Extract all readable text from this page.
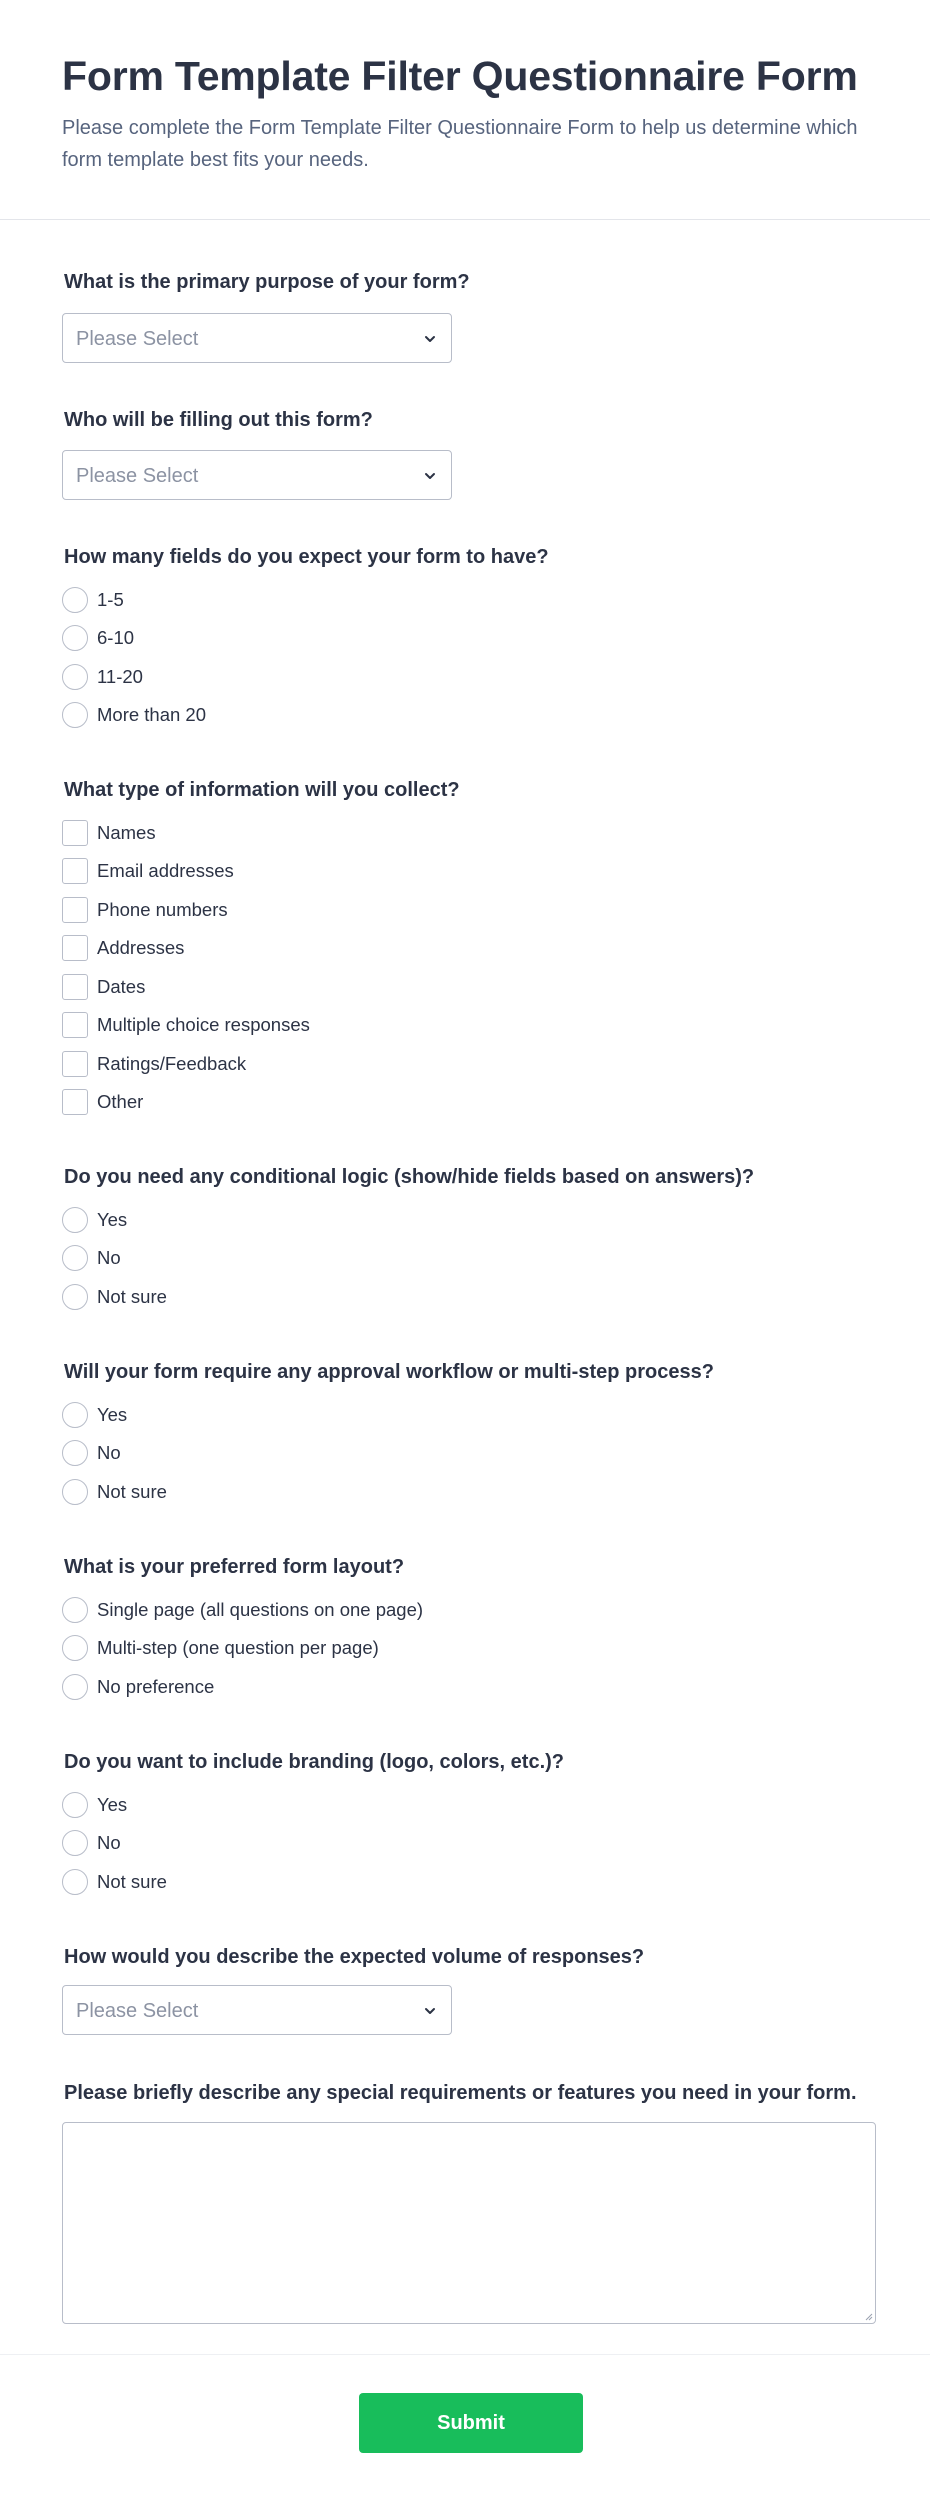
Form Template Filter Questionnaire Form

Please complete the Form Template Filter Questionnaire Form to help us determine which form template best fits your needs.

What is the primary purpose of your form?
Please Select
Who will be filling out this form?
Please Select
How many fields do you expect your form to have?
1-5
6-10
11-20
More than 20
What type of information will you collect?
Names
Email addresses
Phone numbers
Addresses
Dates
Multiple choice responses
Ratings/Feedback
Other
Do you need any conditional logic (show/hide fields based on answers)?
Yes
No
Not sure
Will your form require any approval workflow or multi-step process?
Yes
No
Not sure
What is your preferred form layout?
Single page (all questions on one page)
Multi-step (one question per page)
No preference
Do you want to include branding (logo, colors, etc.)?
Yes
No
Not sure
How would you describe the expected volume of responses?
Please Select
Please briefly describe any special requirements or features you need in your form.
Submit
